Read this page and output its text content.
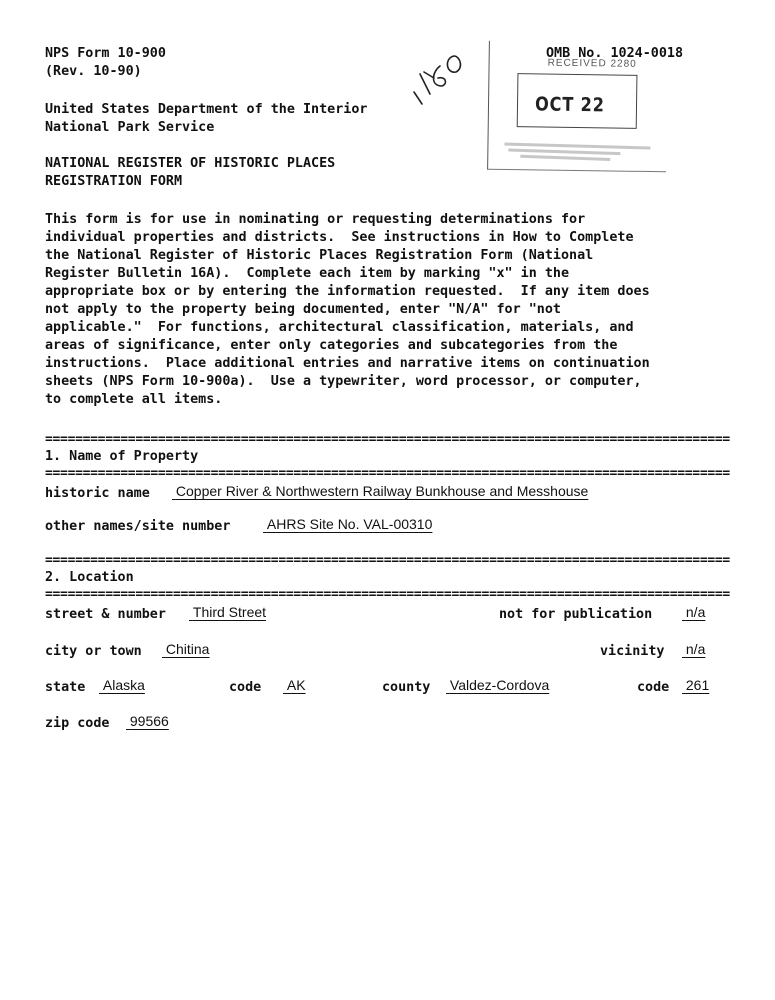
NPS Form 10-900
(Rev. 10-90)
OMB No. 1024-0018
United States Department of the Interior
National Park Service
NATIONAL REGISTER OF HISTORIC PLACES
REGISTRATION FORM
RECEIVED 2280
OCT 22
This form is for use in nominating or requesting determinations for
individual properties and districts.  See instructions in How to Complete
the National Register of Historic Places Registration Form (National
Register Bulletin 16A).  Complete each item by marking "x" in the
appropriate box or by entering the information requested.  If any item does
not apply to the property being documented, enter "N/A" for "not
applicable."  For functions, architectural classification, materials, and
areas of significance, enter only categories and subcategories from the
instructions.  Place additional entries and narrative items on continuation
sheets (NPS Form 10-900a).  Use a typewriter, word processor, or computer,
to complete all items.
=====
1. Name of Property
=====
historic name Copper River & Northwestern Railway Bunkhouse and Messhouse
other names/site number	AHRS Site No. VAL-00310
=====
2. Location
=====
street & number Third Street	not for publication n/a
city or town Chitina	vicinity n/a
state Alaska	code AK	county Valdez-Cordova	code 261
zip code 99566
